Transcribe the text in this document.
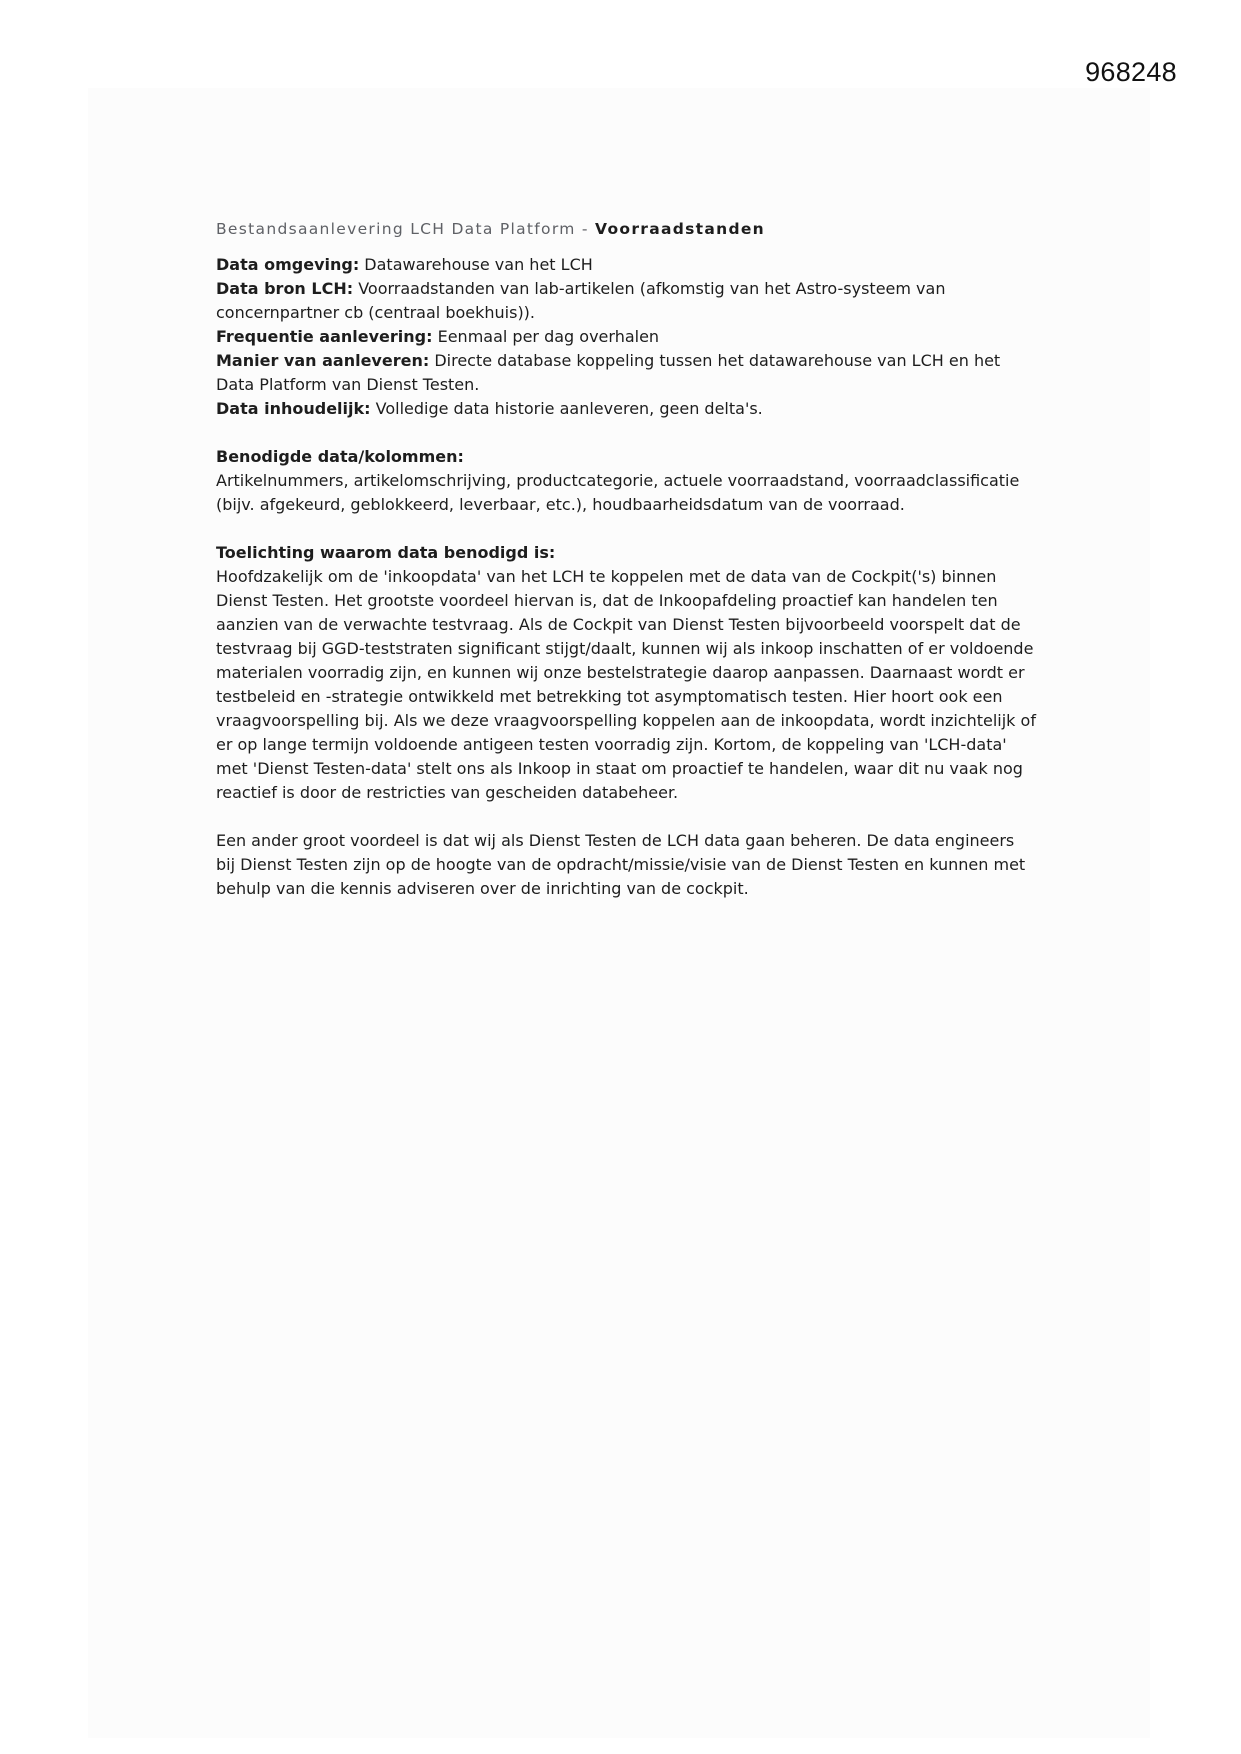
968248
Bestandsaanlevering LCH Data Platform - Voorraadstanden

Data omgeving: Datawarehouse van het LCH

Data bron LCH: Voorraadstanden van lab-artikelen (afkomstig van het Astro-systeem van concernpartner cb (centraal boekhuis)).

Frequentie aanlevering: Eenmaal per dag overhalen

Manier van aanleveren: Directe database koppeling tussen het datawarehouse van LCH en het Data Platform van Dienst Testen.

Data inhoudelijk: Volledige data historie aanleveren, geen delta's.

Benodigde data/kolommen:

Artikelnummers, artikelomschrijving, productcategorie, actuele voorraadstand, voorraadclassificatie (bijv. afgekeurd, geblokkeerd, leverbaar, etc.), houdbaarheidsdatum van de voorraad.

Toelichting waarom data benodigd is:

Hoofdzakelijk om de 'inkoopdata' van het LCH te koppelen met de data van de Cockpit('s) binnen Dienst Testen. Het grootste voordeel hiervan is, dat de Inkoopafdeling proactief kan handelen ten aanzien van de verwachte testvraag. Als de Cockpit van Dienst Testen bijvoorbeeld voorspelt dat de testvraag bij GGD-teststraten significant stijgt/daalt, kunnen wij als inkoop inschatten of er voldoende materialen voorradig zijn, en kunnen wij onze bestelstrategie daarop aanpassen. Daarnaast wordt er testbeleid en -strategie ontwikkeld met betrekking tot asymptomatisch testen. Hier hoort ook een vraagvoorspelling bij. Als we deze vraagvoorspelling koppelen aan de inkoopdata, wordt inzichtelijk of er op lange termijn voldoende antigeen testen voorradig zijn. Kortom, de koppeling van 'LCH-data' met 'Dienst Testen-data' stelt ons als Inkoop in staat om proactief te handelen, waar dit nu vaak nog reactief is door de restricties van gescheiden databeheer.

Een ander groot voordeel is dat wij als Dienst Testen de LCH data gaan beheren. De data engineers bij Dienst Testen zijn op de hoogte van de opdracht/missie/visie van de Dienst Testen en kunnen met behulp van die kennis adviseren over de inrichting van de cockpit.
